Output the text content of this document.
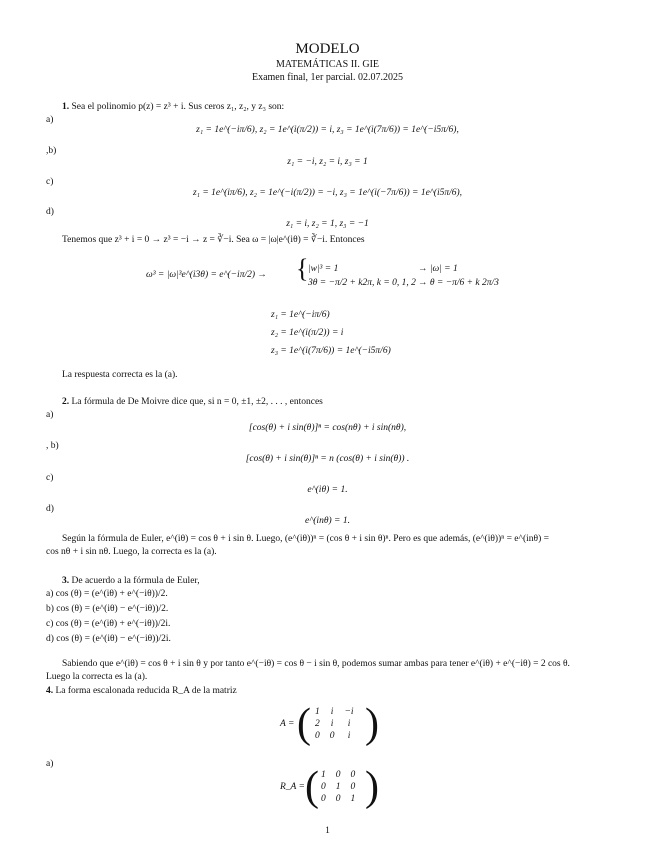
MODELO
MATEMÁTICAS II. GIE
Examen final, 1er parcial. 02.07.2025
1. Sea el polinomio p(z) = z³ + i. Sus ceros z₁, z₂, y z₃ son:
a)
z₁ = 1e^(−iπ/6), z₂ = 1e^(i(π/2)) = i, z₃ = 1e^(i(7π/6)) = 1e^(−i5π/6),
,b)
z₁ = −i, z₂ = i, z₃ = 1
c)
z₁ = 1e^(iπ/6), z₂ = 1e^(−i(π/2)) = −i, z₃ = 1e^(i(−7π/6)) = 1e^(i5π/6),
d)
z₁ = i, z₂ = 1, z₃ = −1
Tenemos que z³ + i = 0 → z³ = −i → z = ∛−i. Sea ω = |ω|e^(iθ) = ∛−i. Entonces
ω³ = |ω|³e^(i3θ) = e^(−iπ/2) → { |w|³ = 1	→ |ω| = 1
3θ = −π/2 + k2π, k = 0, 1, 2 → θ = −π/6 + k 2π/3
z₁ = 1e^(−iπ/6)
z₂ = 1e^(i(π/2)) = i
z₃ = 1e^(i(7π/6)) = 1e^(−i5π/6)
La respuesta correcta es la (a).
2. La fórmula de De Moivre dice que, si n = 0, ±1, ±2, . . . , entonces
a)
[cos(θ) + i sin(θ)]ⁿ = cos(nθ) + i sin(nθ),
, b)
[cos(θ) + i sin(θ)]ⁿ = n (cos(θ) + i sin(θ)) .
c)
e^(iθ) = 1.
d)
e^(inθ) = 1.
Según la fórmula de Euler, e^(iθ) = cos θ + i sin θ. Luego, (e^(iθ))ⁿ = (cos θ + i sin θ)ⁿ. Pero es que además, (e^(iθ))ⁿ = e^(inθ) =
cos nθ + i sin nθ. Luego, la correcta es la (a).
3. De acuerdo a la fórmula de Euler,
a) cos (θ) = (e^(iθ) + e^(−iθ))/2.
b) cos (θ) = (e^(iθ) − e^(−iθ))/2.
c) cos (θ) = (e^(iθ) + e^(−iθ))/2i.
d) cos (θ) = (e^(iθ) − e^(−iθ))/2i.
Sabiendo que e^(iθ) = cos θ + i sin θ y por tanto e^(−iθ) = cos θ − i sin θ, podemos sumar ambas para tener e^(iθ) + e^(−iθ) = 2 cos θ.
Luego la correcta es la (a).
4. La forma escalonada reducida R_A de la matriz
A = ( 1	i	−i
2	i	i
0	0	i )
a)
R_A = ( 1	0	0
0	1	0
0	0	1 )
1
